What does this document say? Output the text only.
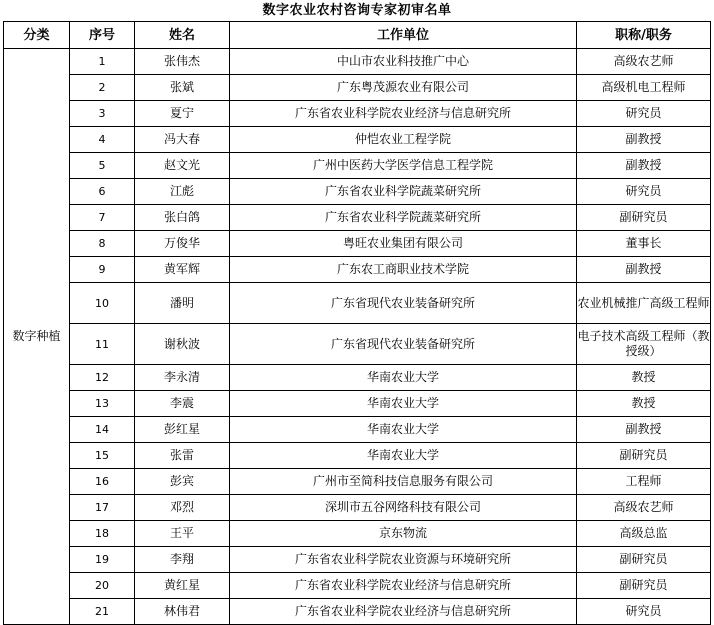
数字农业农村咨询专家初审名单
分类	序号	姓名	工作单位	职称/职务
数字种植	1	张伟杰	中山市农业科技推广中心	高级农艺师
	2	张斌	广东粤茂源农业有限公司	高级机电工程师
	3	夏宁	广东省农业科学院农业经济与信息研究所	研究员
	4	冯大春	仲恺农业工程学院	副教授
	5	赵文光	广州中医药大学医学信息工程学院	副教授
	6	江彪	广东省农业科学院蔬菜研究所	研究员
	7	张白鸽	广东省农业科学院蔬菜研究所	副研究员
	8	万俊华	粤旺农业集团有限公司	董事长
	9	黄军辉	广东农工商职业技术学院	副教授
	10	潘明	广东省现代农业装备研究所	农业机械推广高级工程师
	11	谢秋波	广东省现代农业装备研究所	电子技术高级工程师（教授级）
	12	李永清	华南农业大学	教授
	13	李震	华南农业大学	教授
	14	彭红星	华南农业大学	副教授
	15	张雷	华南农业大学	副研究员
	16	彭宾	广州市至简科技信息服务有限公司	工程师
	17	邓烈	深圳市五谷网络科技有限公司	高级农艺师
	18	王平	京东物流	高级总监
	19	李翔	广东省农业科学院农业资源与环境研究所	副研究员
	20	黄红星	广东省农业科学院农业经济与信息研究所	副研究员
	21	林伟君	广东省农业科学院农业经济与信息研究所	研究员
